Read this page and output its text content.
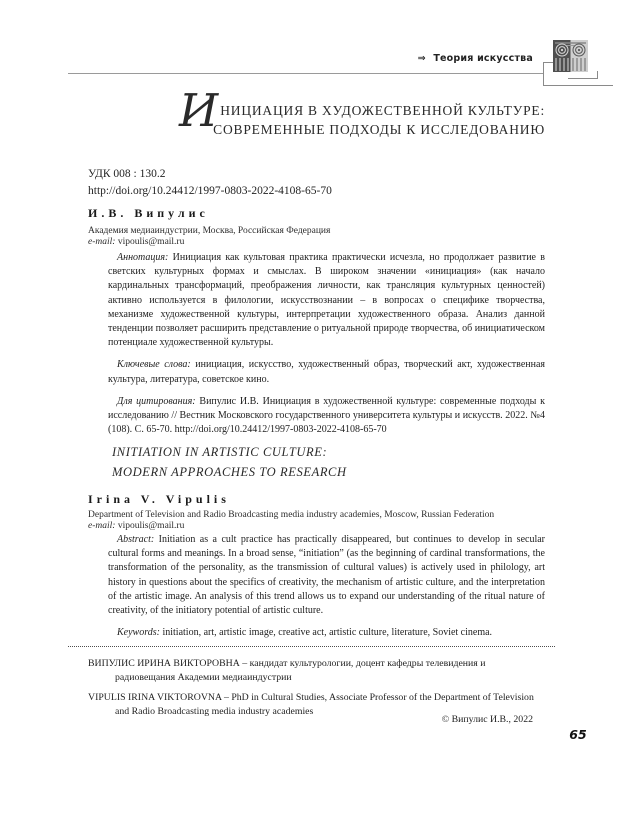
⇒ Теория искусства
ИНИЦИАЦИЯ В ХУДОЖЕСТВЕННОЙ КУЛЬТУРЕ:
СОВРЕМЕННЫЕ ПОДХОДЫ К ИССЛЕДОВАНИЮ
УДК 008 : 130.2
http://doi.org/10.24412/1997-0803-2022-4108-65-70
И.В. Випулис
Академия медиаиндустрии, Москва, Российская Федерация
e-mail: vipoulis@mail.ru

Аннотация: Инициация как культовая практика практически исчезла, но продолжает развитие в светских культурных формах и смыслах. В широком значении «инициация» (как начало кардинальных трансформаций, преображения личности, как трансляция культурных ценностей) активно используется в филологии, искусствознании – в вопросах о специфике творчества, механизме художественной культуры, интерпретации художественного образа. Анализ данной тенденции позволяет расширить представление о ритуальной природе творчества, об инициатическом потенциале художественной культуры.

Ключевые слова: инициация, искусство, художественный образ, творческий акт, художественная культура, литература, советское кино.

Для цитирования: Випулис И.В. Инициация в художественной культуре: современные подходы к исследованию // Вестник Московского государственного университета культуры и искусств. 2022. №4 (108). С. 65-70. http://doi.org/10.24412/1997-0803-2022-4108-65-70

INITIATION IN ARTISTIC CULTURE:
MODERN APPROACHES TO RESEARCH
Irina V. Vipulis
Department of Television and Radio Broadcasting media industry academies, Moscow, Russian Federation
e-mail: vipoulis@mail.ru

Abstract: Initiation as a cult practice has practically disappeared, but continues to develop in secular cultural forms and meanings. In a broad sense, “initiation” (as the beginning of cardinal transformations, the transformation of the personality, as the transmission of cultural values) is actively used in philology, art history in questions about the specifics of creativity, the mechanism of artistic culture, and the interpretation of the artistic image. An analysis of this trend allows us to expand our understanding of the ritual nature of creativity, of the initiatory potential of artistic culture.

Keywords: initiation, art, artistic image, creative act, artistic culture, literature, Soviet cinema.

ВИПУЛИС ИРИНА ВИКТОРОВНА – кандидат культурологии, доцент кафедры телевидения и радиовещания Академии медиаиндустрии

VIPULIS IRINA VIKTOROVNA – PhD in Cultural Studies, Associate Professor of the Department of Television and Radio Broadcasting media industry academies

© Випулис И.В., 2022
65
